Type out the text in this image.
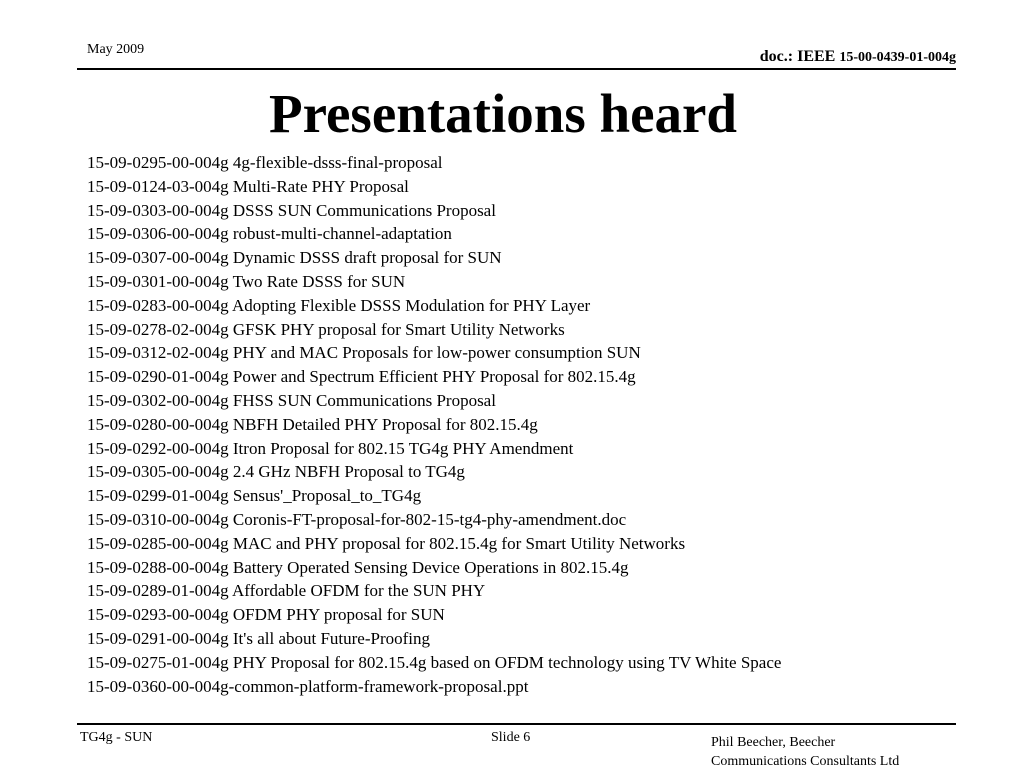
May 2009	doc.: IEEE 15-00-0439-01-004g
Presentations heard
15-09-0295-00-004g 4g-flexible-dsss-final-proposal
15-09-0124-03-004g Multi-Rate PHY Proposal
15-09-0303-00-004g DSSS SUN Communications Proposal
15-09-0306-00-004g robust-multi-channel-adaptation
15-09-0307-00-004g Dynamic DSSS draft proposal for SUN
15-09-0301-00-004g Two Rate DSSS for SUN
15-09-0283-00-004g Adopting Flexible DSSS Modulation for PHY Layer
15-09-0278-02-004g GFSK PHY proposal for Smart Utility Networks
15-09-0312-02-004g PHY and MAC Proposals for low-power consumption SUN
15-09-0290-01-004g Power and Spectrum Efficient PHY Proposal for 802.15.4g
15-09-0302-00-004g FHSS SUN Communications Proposal
15-09-0280-00-004g NBFH Detailed PHY Proposal for 802.15.4g
15-09-0292-00-004g Itron Proposal for 802.15 TG4g PHY Amendment
15-09-0305-00-004g 2.4 GHz NBFH Proposal to TG4g
15-09-0299-01-004g Sensus'_Proposal_to_TG4g
15-09-0310-00-004g Coronis-FT-proposal-for-802-15-tg4-phy-amendment.doc
15-09-0285-00-004g MAC and PHY proposal for 802.15.4g for Smart Utility Networks
15-09-0288-00-004g Battery Operated Sensing Device Operations in 802.15.4g
15-09-0289-01-004g Affordable OFDM for the SUN PHY
15-09-0293-00-004g OFDM PHY proposal for SUN
15-09-0291-00-004g It's all about Future-Proofing
15-09-0275-01-004g PHY Proposal for 802.15.4g based on OFDM technology using TV White Space
15-09-0360-00-004g-common-platform-framework-proposal.ppt
TG4g - SUN	Slide 6	Phil Beecher, Beecher
Communications Consultants Ltd
